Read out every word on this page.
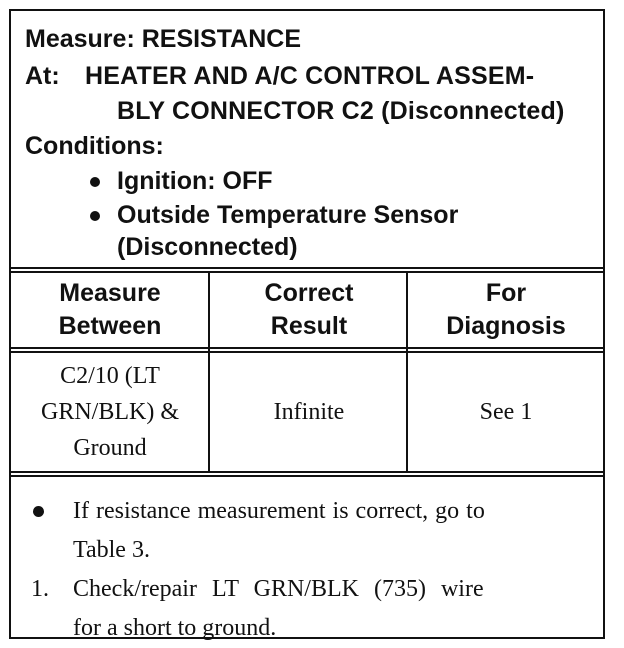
Measure: RESISTANCE
At: HEATER AND A/C CONTROL ASSEM-
BLY CONNECTOR C2 (Disconnected)
Conditions:
Ignition: OFF
Outside Temperature Sensor
(Disconnected)
Measure
Between
Correct
Result
For
Diagnosis
C2/10 (LT
GRN/BLK) &
Ground
Infinite	See 1
If resistance measurement is correct, go to
Table 3.
1. Check/repair LT GRN/BLK (735) wire
for a short to ground.
